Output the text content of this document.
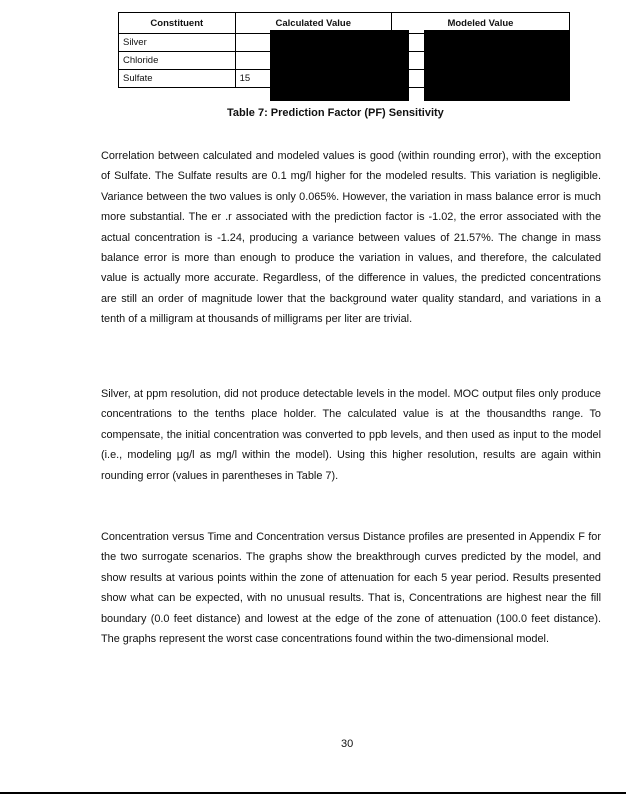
Constituent	Calculated Value	Modeled Value
Silver		
Chloride		
Sulfate	15	
Table 7: Prediction Factor (PF) Sensitivity

Correlation between calculated and modeled values is good (within rounding error), with the exception of Sulfate. The Sulfate results are 0.1 mg/l higher for the modeled results. This variation is negligible. Variance between the two values is only 0.065%. However, the variation in mass balance error is much more substantial. The er .r associated with the prediction factor is -1.02, the error associated with the actual concentration is -1.24, producing a variance between values of 21.57%. The change in mass balance error is more than enough to produce the variation in values, and therefore, the calculated value is actually more accurate. Regardless, of the difference in values, the predicted concentrations are still an order of magnitude lower that the background water quality standard, and variations in a tenth of a milligram at thousands of milligrams per liter are trivial.

Silver, at ppm resolution, did not produce detectable levels in the model. MOC output files only produce concentrations to the tenths place holder. The calculated value is at the thousandths range. To compensate, the initial concentration was converted to ppb levels, and then used as input to the model (i.e., modeling µg/l as mg/l within the model). Using this higher resolution, results are again within rounding error (values in parentheses in Table 7).

Concentration versus Time and Concentration versus Distance profiles are presented in Appendix F for the two surrogate scenarios. The graphs show the breakthrough curves predicted by the model, and show results at various points within the zone of attenuation for each 5 year period. Results presented show what can be expected, with no unusual results. That is, Concentrations are highest near the fill boundary (0.0 feet distance) and lowest at the edge of the zone of attenuation (100.0 feet distance). The graphs represent the worst case concentrations found within the two-dimensional model.

30
